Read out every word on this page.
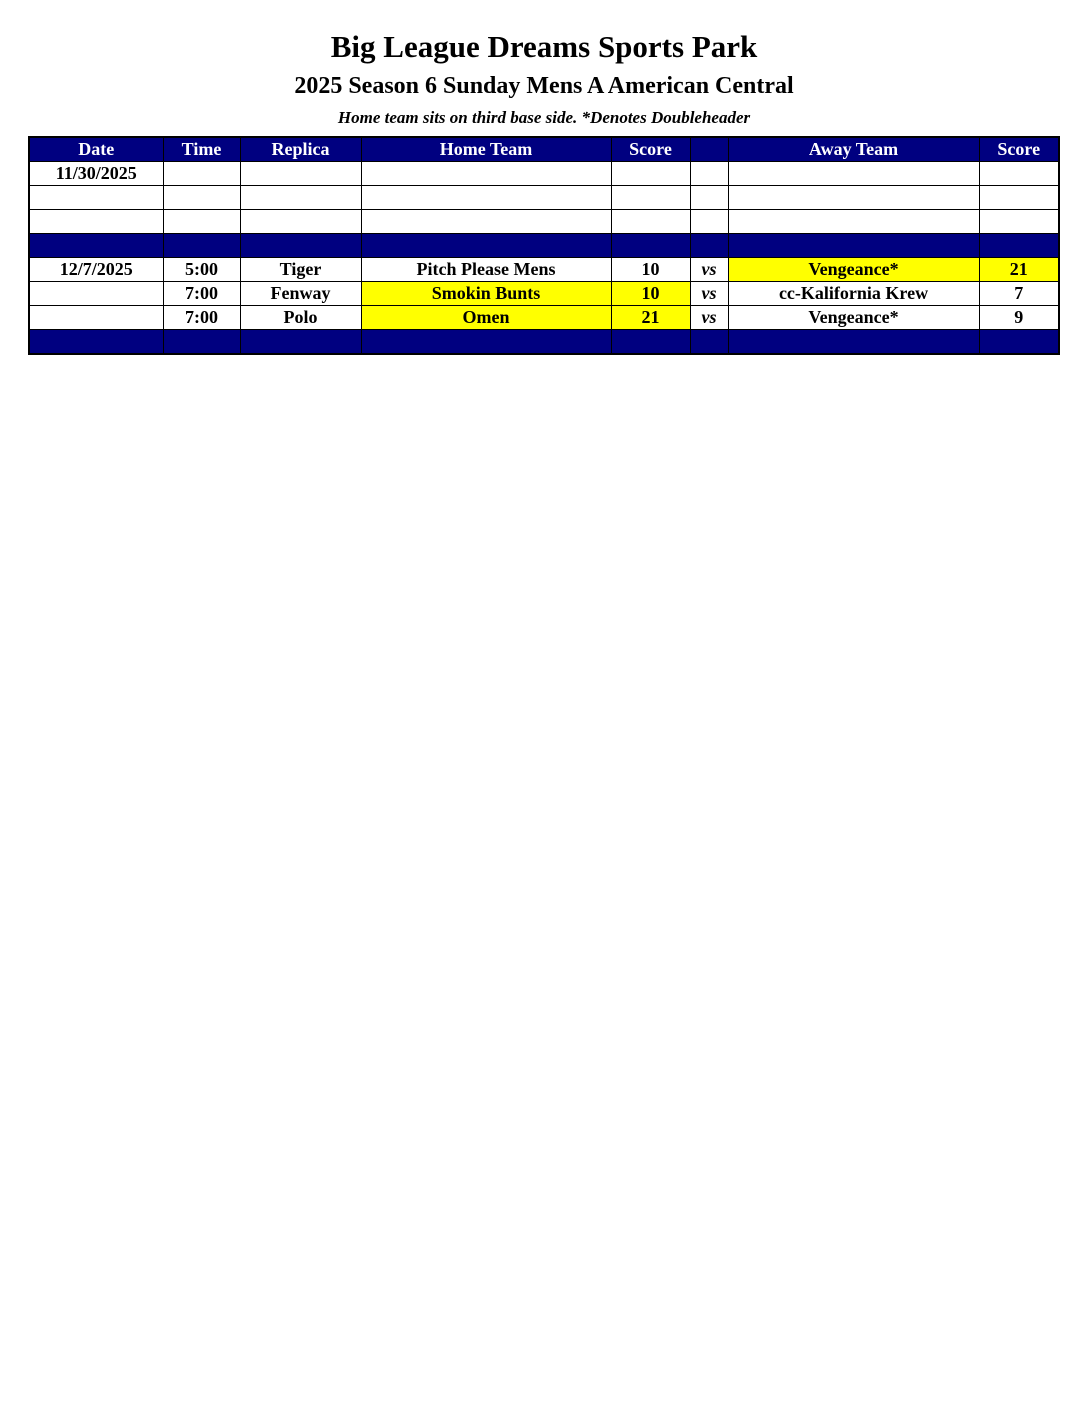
Big League Dreams Sports Park
2025 Season 6 Sunday Mens A American Central
Home team sits on third base side. *Denotes Doubleheader
Date	Time	Replica	Home Team	Score		Away Team	Score
11/30/2025							

12/7/2025	5:00	Tiger	Pitch Please Mens	10	vs	Vengeance*	21
	7:00	Fenway	Smokin Bunts	10	vs	cc-Kalifornia Krew	7
	7:00	Polo	Omen	21	vs	Vengeance*	9
